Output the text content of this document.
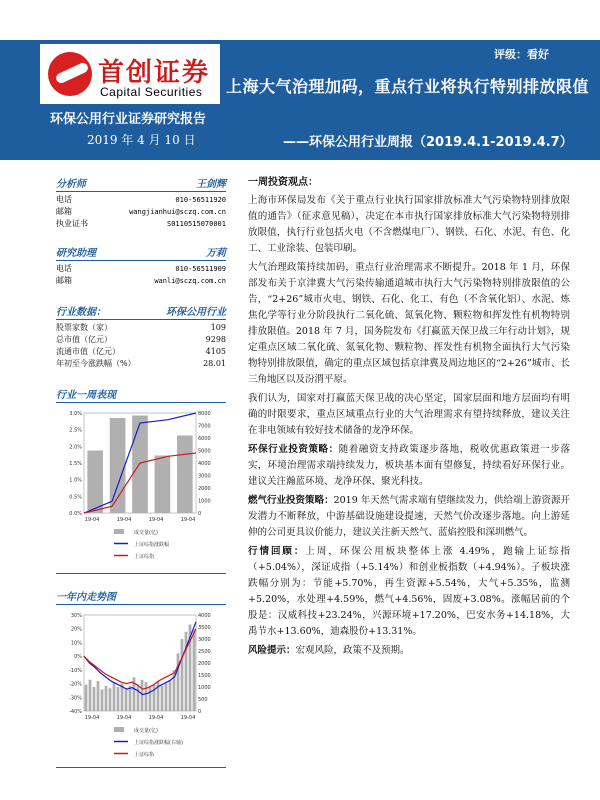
首创证券
Capital Securities
评级：看好
上海大气治理加码，重点行业将执行特别排放限值
环保公用行业证券研究报告
——环保公用行业周报（2019.4.1-2019.4.7）
2019 年 4 月 10 日
分析师	王剑辉
电话	010-56511920
邮箱	wangjianhui@sczq.com.cn
执业证书	S0110515070001
研究助理	万莉
电话	010-56511909
邮箱	wanli@sczq.com.cn
行业数据：	环保公用行业
股票家数（家）	109
总市值（亿元）	9298
流通市值（亿元）	4105
年初至今涨跌幅（%）	28.01
行业一周表现
3.0%
2.5%
2.0%
1.5%
1.0%
0.5%
0.0%
8000
7000
6000
5000
4000
3000
2000
1000
0
19-04	19-04	19-04	19-04
成交量(亿)
上证综指涨跌幅
上证综指
一年内走势图
30%
20%
10%
0%
-10%
-20%
-30%
-40%
4000
3500
3000
2500
2000
1500
1000
500
0
19-04	19-04	19-04	19-04
成交量(亿)
上证综指涨跌幅(右轴)
上证综指

一周投资观点：

上海市环保局发布《关于重点行业执行国家排放标准大气污染物特别排放限值的通告》（征求意见稿），决定在本市执行国家排放标准大气污染物特别排放限值，执行行业包括火电（不含燃煤电厂）、钢铁、石化、水泥、有色、化工、工业涂装、包装印刷。

大气治理政策持续加码，重点行业治理需求不断提升。2018 年 1 月，环保部发布关于京津冀大气污染传输通道城市执行大气污染物特别排放限值的公告，“2+26”城市火电、钢铁、石化、化工、有色（不含氧化铝）、水泥、炼焦化学等行业分阶段执行二氧化硫、氮氧化物、颗粒物和挥发性有机物特别排放限值。2018 年 7 月，国务院发布《打赢蓝天保卫战三年行动计划》，规定重点区域二氧化硫、氮氧化物、颗粒物、挥发性有机物全面执行大气污染物特别排放限值，确定的重点区域包括京津冀及周边地区的“2+26”城市、长三角地区以及汾渭平原。

我们认为，国家对打赢蓝天保卫战的决心坚定，国家层面和地方层面均有明确的时限要求，重点区域重点行业的大气治理需求有望持续释放，建议关注在非电领域有较好技术储备的龙净环保。

环保行业投资策略：随着融资支持政策逐步落地，税收优惠政策进一步落实，环境治理需求端持续发力，板块基本面有望修复，持续看好环保行业。建议关注瀚蓝环境、龙净环保、聚光科技。

燃气行业投资策略：2019 年天然气需求端有望继续发力，供给端上游资源开发潜力不断释放，中游基础设施建设提速，天然气价改逐步落地。向上游延伸的公司更具议价能力，建议关注新天然气、蓝焰控股和深圳燃气。

行情回顾：上周，环保公用板块整体上涨 4.49%，跑输上证综指（+5.04%），深证成指（+5.14%）和创业板指数（+4.94%）。子板块涨跌幅分别为：节能+5.70%，再生资源+5.54%，大气+5.35%，监测+5.20%，水处理+4.59%，燃气+4.56%，固废+3.08%。涨幅居前的个股是：汉威科技+23.24%，兴源环境+17.20%，巴安水务+14.18%，大禹节水+13.60%，迪森股份+13.31%。

风险提示：宏观风险，政策不及预期。
